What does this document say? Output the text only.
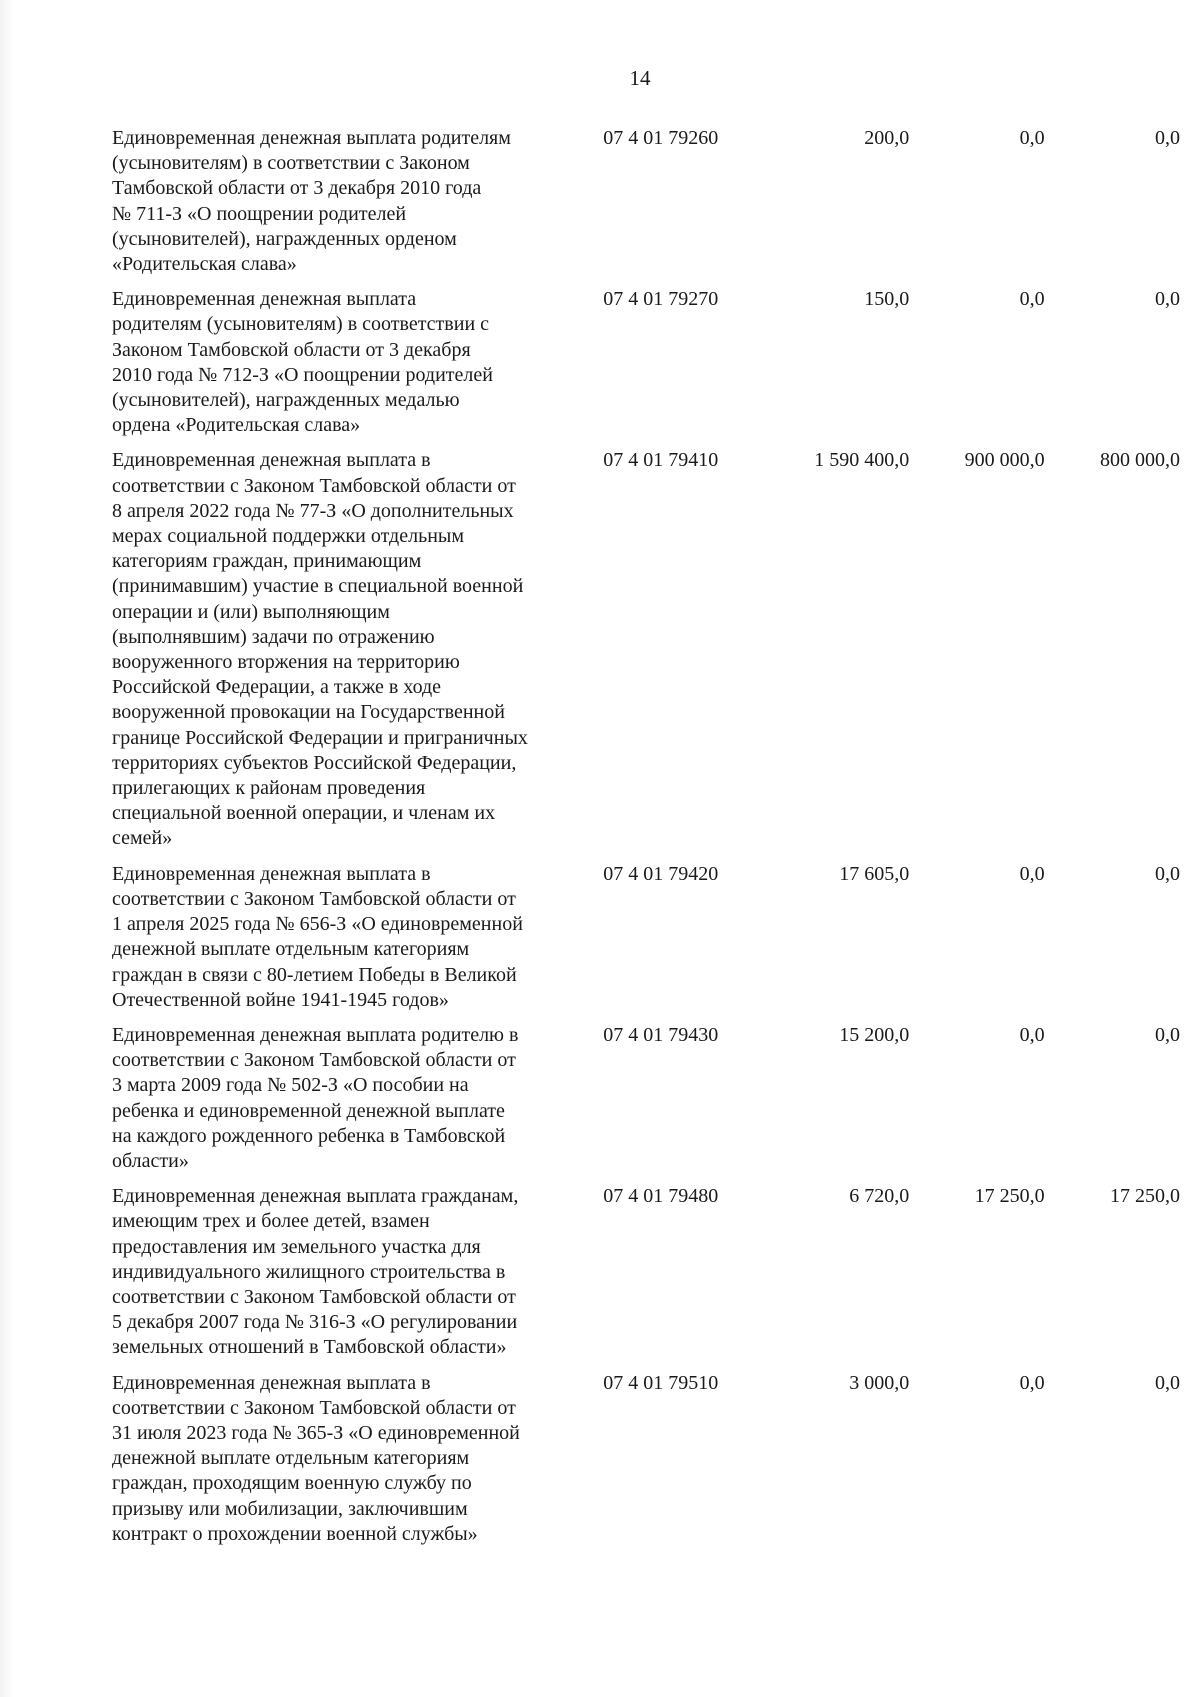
14
Единовременная денежная выплата родителям
(усыновителям) в соответствии с Законом
Тамбовской области от 3 декабря 2010 года
№ 711-З «О поощрении родителей
(усыновителей), награжденных орденом
«Родительская слава»
07 4 01 79260	200,0	0,0	0,0
Единовременная денежная выплата
родителям (усыновителям) в соответствии с
Законом Тамбовской области от 3 декабря
2010 года № 712-З «О поощрении родителей
(усыновителей), награжденных медалью
ордена «Родительская слава»
07 4 01 79270	150,0	0,0	0,0
Единовременная денежная выплата в
соответствии с Законом Тамбовской области от
8 апреля 2022 года № 77-З «О дополнительных
мерах социальной поддержки отдельным
категориям граждан, принимающим
(принимавшим) участие в специальной военной
операции и (или) выполняющим
(выполнявшим) задачи по отражению
вооруженного вторжения на территорию
Российской Федерации, а также в ходе
вооруженной провокации на Государственной
границе Российской Федерации и приграничных
территориях субъектов Российской Федерации,
прилегающих к районам проведения
специальной военной операции, и членам их
семей»
07 4 01 79410	1 590 400,0	900 000,0	800 000,0
Единовременная денежная выплата в
соответствии с Законом Тамбовской области от
1 апреля 2025 года № 656-З «О единовременной
денежной выплате отдельным категориям
граждан в связи с 80-летием Победы в Великой
Отечественной войне 1941-1945 годов»
07 4 01 79420	17 605,0	0,0	0,0
Единовременная денежная выплата родителю в
соответствии с Законом Тамбовской области от
3 марта 2009 года № 502-З «О пособии на
ребенка и единовременной денежной выплате
на каждого рожденного ребенка в Тамбовской
области»
07 4 01 79430	15 200,0	0,0	0,0
Единовременная денежная выплата гражданам,
имеющим трех и более детей, взамен
предоставления им земельного участка для
индивидуального жилищного строительства в
соответствии с Законом Тамбовской области от
5 декабря 2007 года № 316-З «О регулировании
земельных отношений в Тамбовской области»
07 4 01 79480	6 720,0	17 250,0	17 250,0
Единовременная денежная выплата в
соответствии с Законом Тамбовской области от
31 июля 2023 года № 365-З «О единовременной
денежной выплате отдельным категориям
граждан, проходящим военную службу по
призыву или мобилизации, заключившим
контракт о прохождении военной службы»
07 4 01 79510	3 000,0	0,0	0,0
